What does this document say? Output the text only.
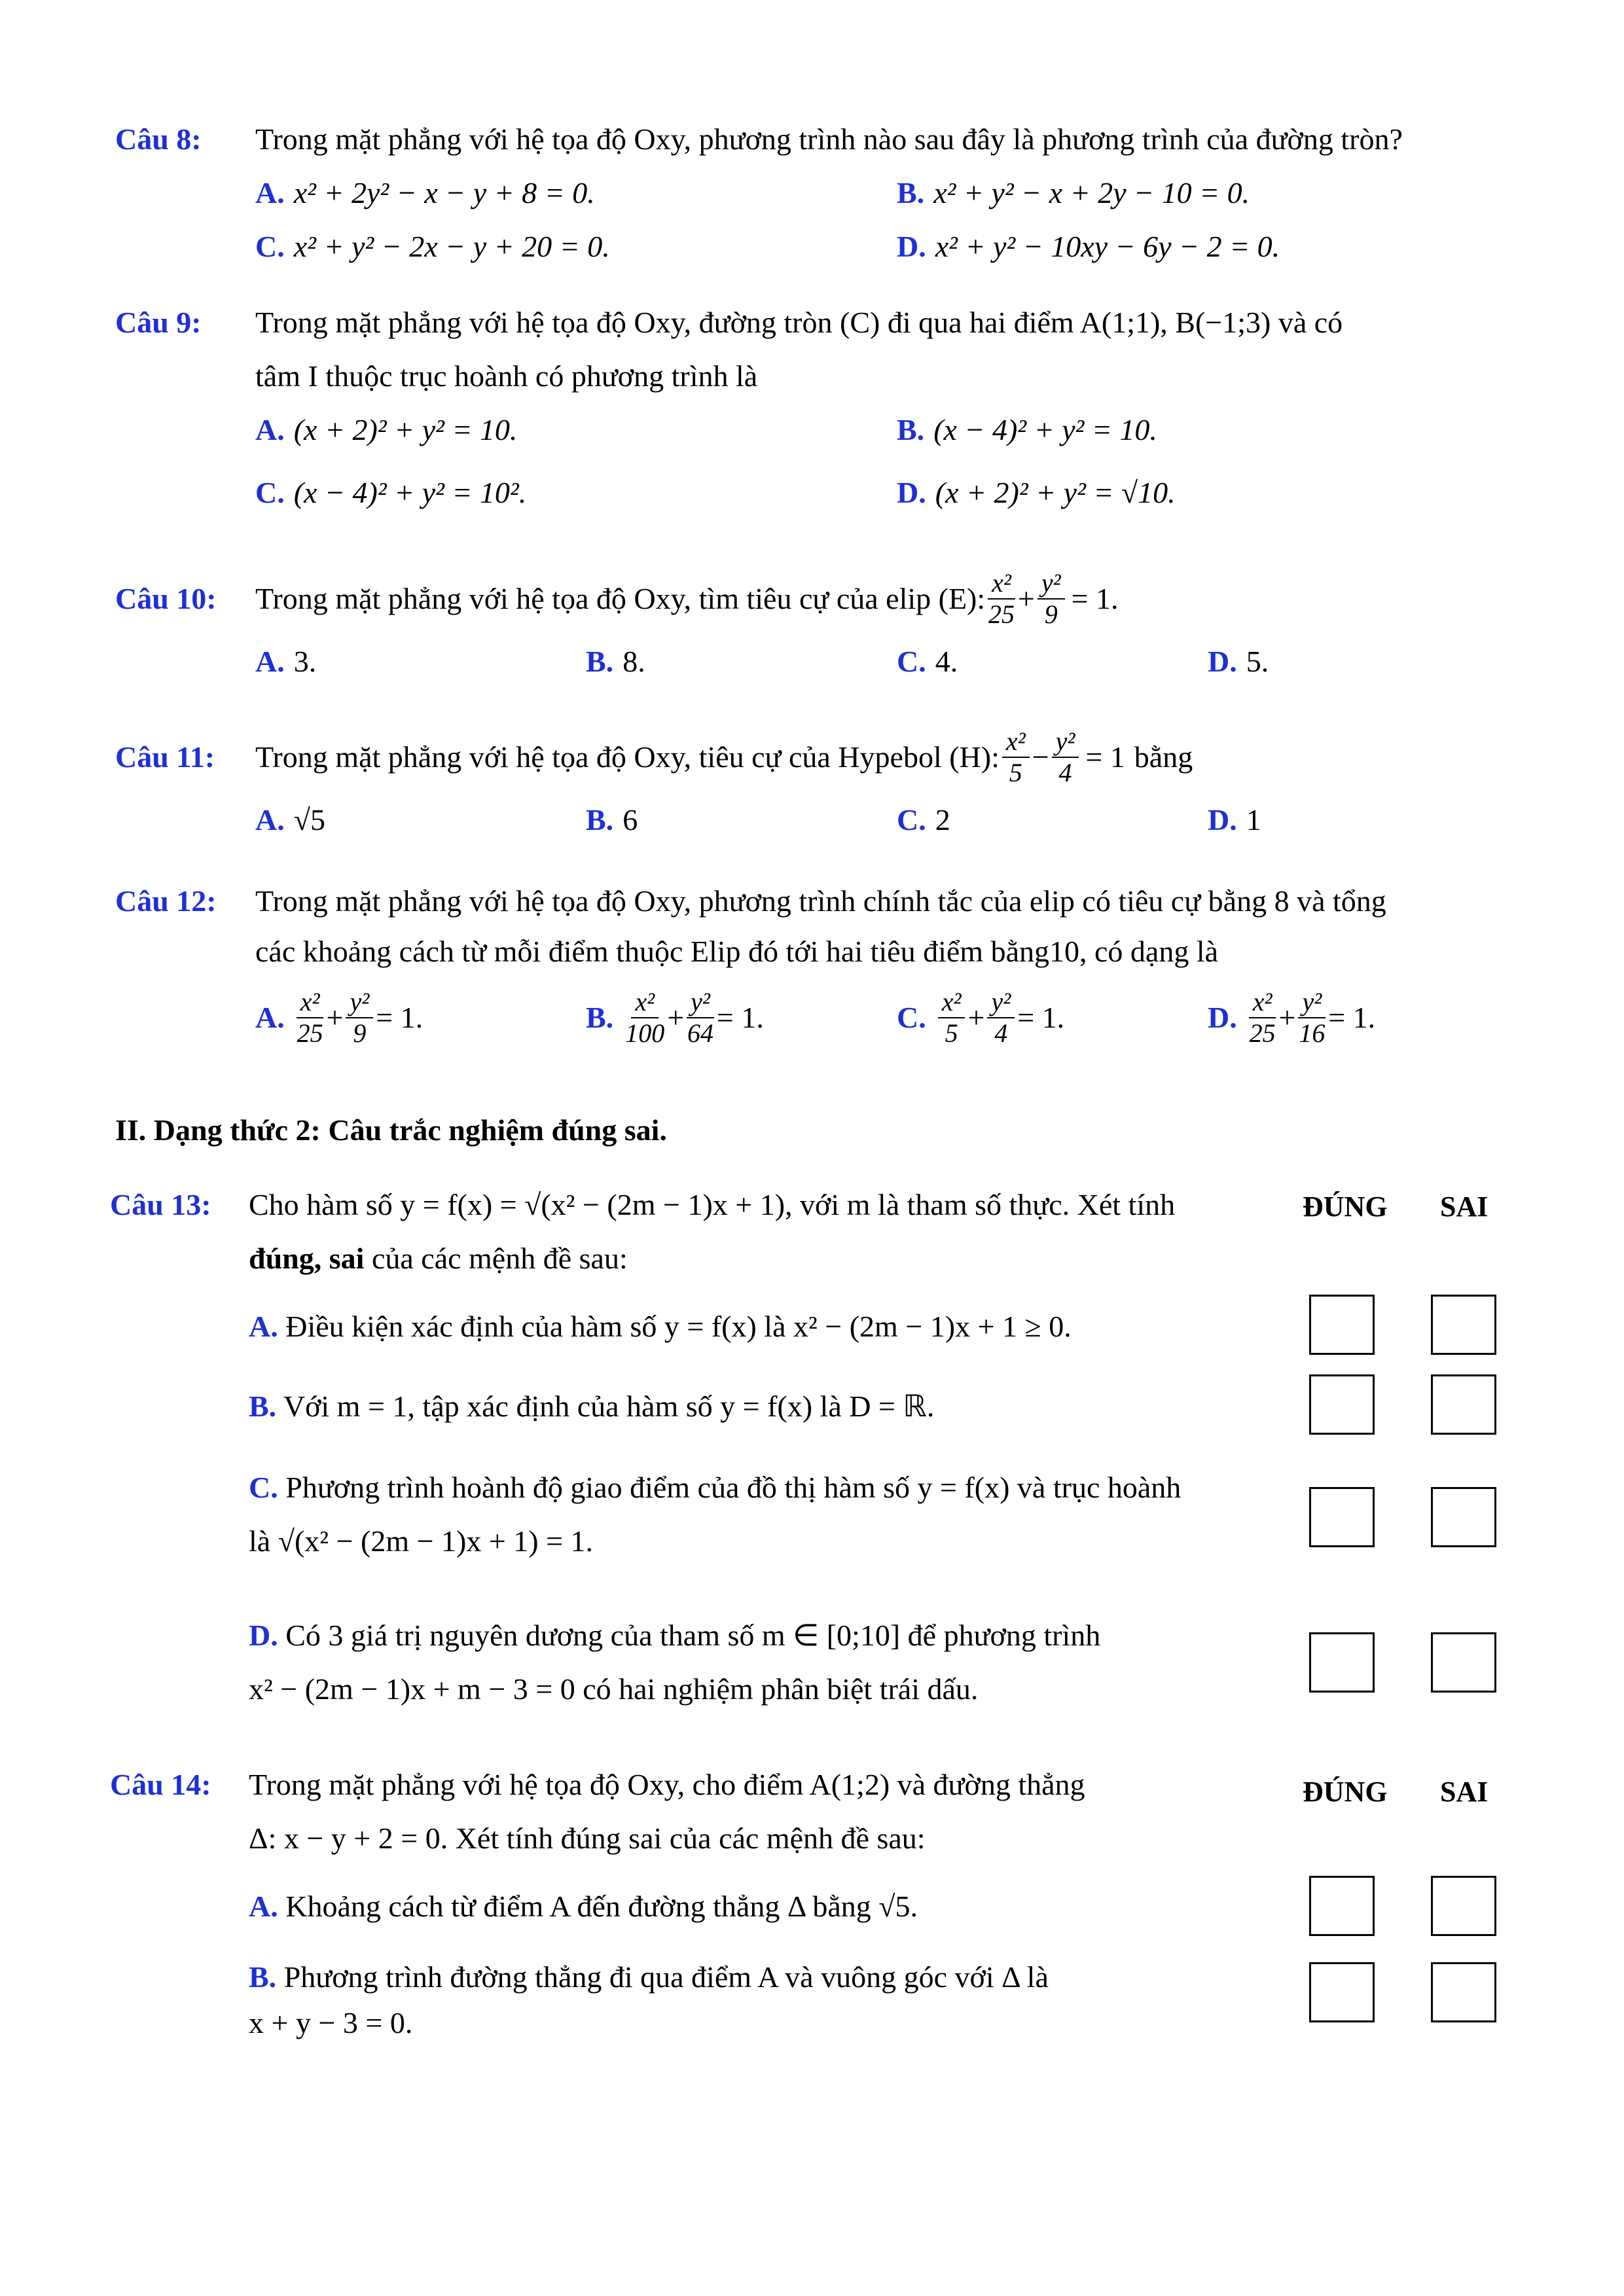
Câu 8: Trong mặt phẳng với hệ tọa độ Oxy, phương trình nào sau đây là phương trình của đường tròn?
A. x² + 2y² − x − y + 8 = 0.	B. x² + y² − x + 2y − 10 = 0.
C. x² + y² − 2x − y + 20 = 0.	D. x² + y² − 10xy − 6y − 2 = 0.
Câu 9: Trong mặt phẳng với hệ tọa độ Oxy, đường tròn (C) đi qua hai điểm A(1;1), B(−1;3) và có
tâm I thuộc trục hoành có phương trình là
A. (x + 2)² + y² = 10.	B. (x − 4)² + y² = 10.
C. (x − 4)² + y² = 10².	D. (x + 2)² + y² = √10.
Câu 10:	Trong mặt phẳng với hệ tọa độ Oxy, tìm tiêu cự của elip (E): $\frac{\text{x²}}{25} + \frac{\text{y²}}{9} = 1$.
A. 3.	B. 8.	C. 4.	D. 5.
Câu 11:	Trong mặt phẳng với hệ tọa độ Oxy, tiêu cự của Hypebol (H): $\frac{\text{x²}}{5} - \frac{\text{y²}}{4} = 1$ bằng
A. √5	B. 6	C. 2	D. 1
Câu 12: Trong mặt phẳng với hệ tọa độ Oxy, phương trình chính tắc của elip có tiêu cự bằng 8 và tổng
các khoảng cách từ mỗi điểm thuộc Elip đó tới hai tiêu điểm bằng10, có dạng là
A. $\frac{\text{x²}}{25} + \frac{\text{y²}}{9} = 1$.	B. $\frac{\text{x²}}{100} + \frac{\text{y²}}{64} = 1$.	C. $\frac{\text{x²}}{5} + \frac{\text{y²}}{4} = 1$.	D. $\frac{\text{x²}}{25} + \frac{\text{y²}}{16} = 1$.
II. Dạng thức 2: Câu trắc nghiệm đúng sai.
Câu 13: Cho hàm số y = f(x) = √(x² − (2m − 1)x + 1), với m là tham số thực. Xét tính
đúng, sai của các mệnh đề sau:
ĐÚNG SAI
A. Điều kiện xác định của hàm số y = f(x) là x² − (2m − 1)x + 1 ≥ 0.
B. Với m = 1, tập xác định của hàm số y = f(x) là D = ℝ.
C. Phương trình hoành độ giao điểm của đồ thị hàm số y = f(x) và trục hoành
là √(x² − (2m − 1)x + 1) = 1.
D. Có 3 giá trị nguyên dương của tham số m ∈ [0;10] để phương trình
x² − (2m − 1)x + m − 3 = 0 có hai nghiệm phân biệt trái dấu.
Câu 14: Trong mặt phẳng với hệ tọa độ Oxy, cho điểm A(1;2) và đường thẳng
Δ: x − y + 2 = 0. Xét tính đúng sai của các mệnh đề sau:
ĐÚNG SAI
A. Khoảng cách từ điểm A đến đường thẳng Δ bằng √5.
B. Phương trình đường thẳng đi qua điểm A và vuông góc với Δ là
x + y − 3 = 0.
